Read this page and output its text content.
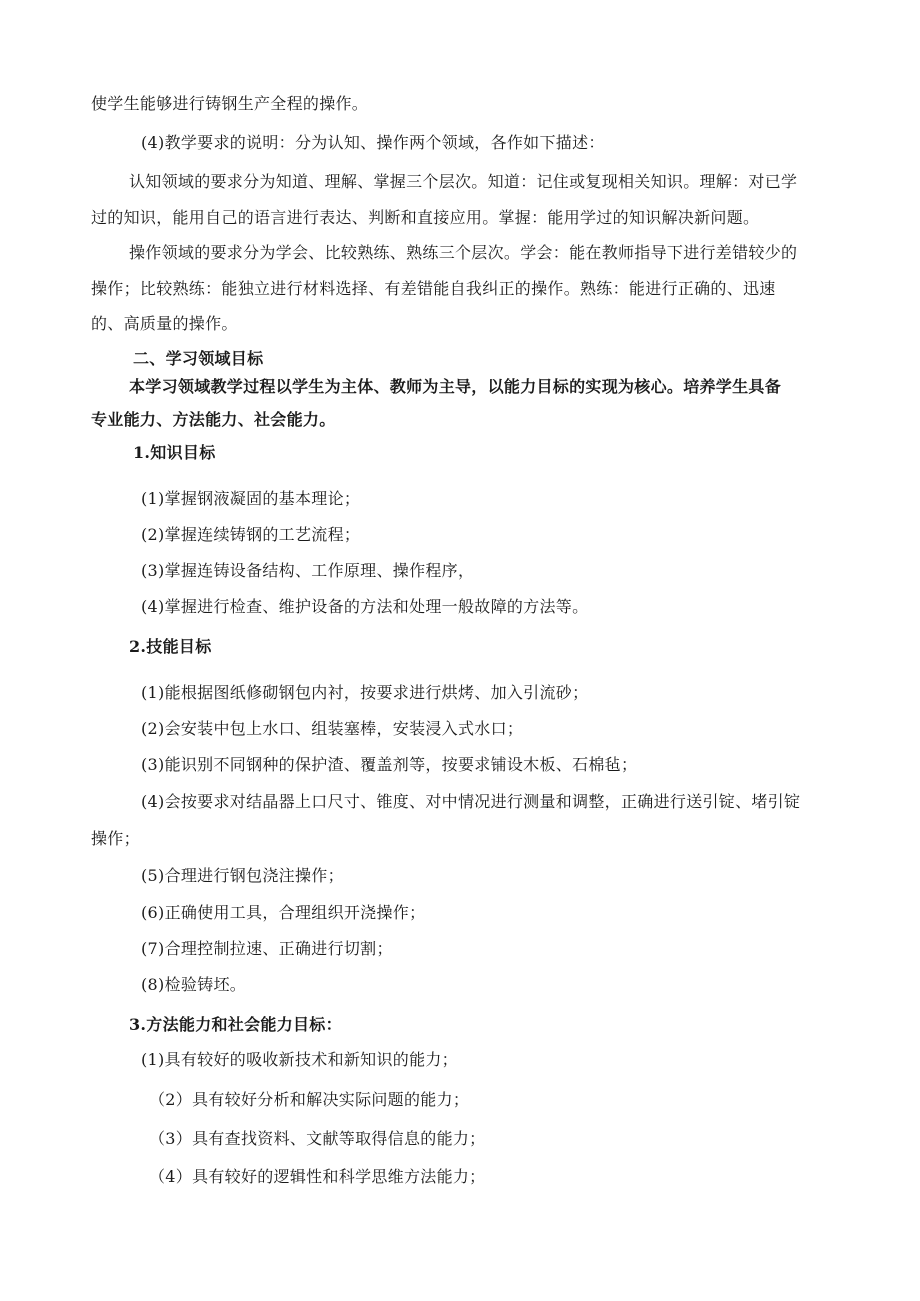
使学生能够进行铸钢生产全程的操作。
(4)教学要求的说明：分为认知、操作两个领域，各作如下描述：
认知领域的要求分为知道、理解、掌握三个层次。知道：记住或复现相关知识。理解：对已学
过的知识，能用自己的语言进行表达、判断和直接应用。掌握：能用学过的知识解决新问题。
操作领域的要求分为学会、比较熟练、熟练三个层次。学会：能在教师指导下进行差错较少的
操作；比较熟练：能独立进行材料选择、有差错能自我纠正的操作。熟练：能进行正确的、迅速
的、高质量的操作。
二、学习领域目标
本学习领域教学过程以学生为主体、教师为主导，以能力目标的实现为核心。培养学生具备
专业能力、方法能力、社会能力。
1.知识目标
(1)掌握钢液凝固的基本理论；
(2)掌握连续铸钢的工艺流程；
(3)掌握连铸设备结构、工作原理、操作程序，
(4)掌握进行检查、维护设备的方法和处理一般故障的方法等。
2.技能目标
(1)能根据图纸修砌钢包内衬，按要求进行烘烤、加入引流砂；
(2)会安装中包上水口、组装塞棒，安装浸入式水口；
(3)能识别不同钢种的保护渣、覆盖剂等，按要求铺设木板、石棉毡；
(4)会按要求对结晶器上口尺寸、锥度、对中情况进行测量和调整，正确进行送引锭、堵引锭
操作；
(5)合理进行钢包浇注操作；
(6)正确使用工具，合理组织开浇操作；
(7)合理控制拉速、正确进行切割；
(8)检验铸坯。
3.方法能力和社会能力目标：
(1)具有较好的吸收新技术和新知识的能力；
（2）具有较好分析和解决实际问题的能力；
（3）具有查找资料、文献等取得信息的能力；
（4）具有较好的逻辑性和科学思维方法能力；
